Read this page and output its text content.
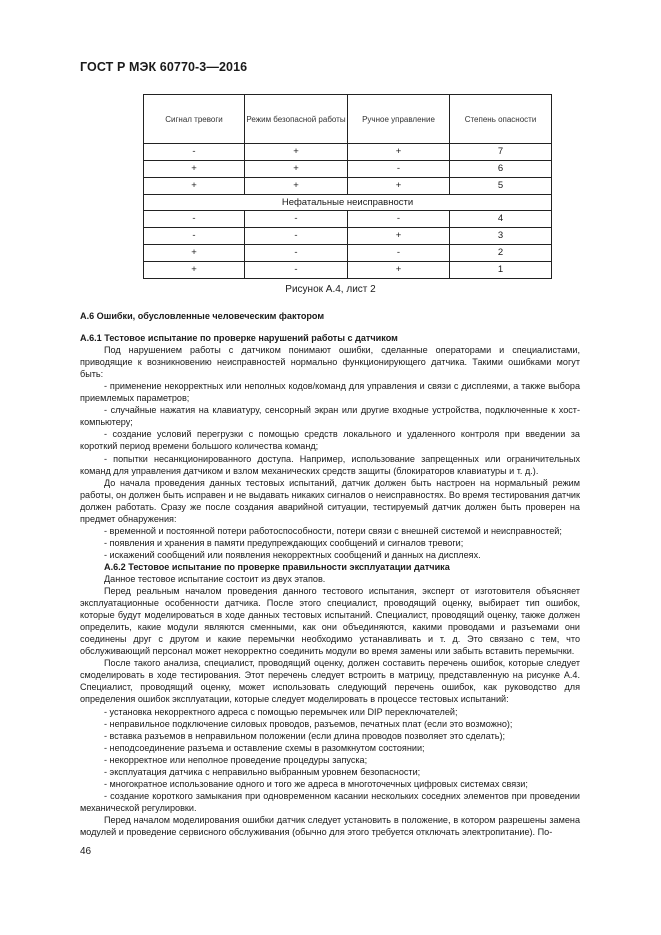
ГОСТ Р МЭК 60770-3—2016
Сигнал тревоги	Режим безопасной работы	Ручное управление	Степень опасности
-	+	+	7
+	+	-	6
+	+	+	5
Нефатальные неисправности			
-	-	-	4
-	-	+	3
+	-	-	2
+	-	+	1
Рисунок А.4, лист 2

А.6 Ошибки, обусловленные человеческим фактором

А.6.1 Тестовое испытание по проверке нарушений работы с датчиком

Под нарушением работы с датчиком понимают ошибки, сделанные операторами и специалистами, приводящие к возникновению неисправностей нормально функционирующего датчика. Такими ошибками могут быть:

- применение некорректных или неполных кодов/команд для управления и связи с дисплеями, а также выбора приемлемых параметров;

- случайные нажатия на клавиатуру, сенсорный экран или другие входные устройства, подключенные к хост-компьютеру;

- создание условий перегрузки с помощью средств локального и удаленного контроля при введении за короткий период времени большого количества команд;

- попытки несанкционированного доступа. Например, использование запрещенных или ограничительных команд для управления датчиком и взлом механических средств защиты (блокираторов клавиатуры и т. д.).

До начала проведения данных тестовых испытаний, датчик должен быть настроен на нормальный режим работы, он должен быть исправен и не выдавать никаких сигналов о неисправностях. Во время тестирования датчик должен работать. Сразу же после создания аварийной ситуации, тестируемый датчик должен быть проверен на предмет обнаружения:

- временной и постоянной потери работоспособности, потери связи с внешней системой и неисправностей;

- появления и хранения в памяти предупреждающих сообщений и сигналов тревоги;

- искажений сообщений или появления некорректных сообщений и данных на дисплеях.

А.6.2 Тестовое испытание по проверке правильности эксплуатации датчика

Данное тестовое испытание состоит из двух этапов.

Перед реальным началом проведения данного тестового испытания, эксперт от изготовителя объясняет эксплуатационные особенности датчика. После этого специалист, проводящий оценку, выбирает тип ошибок, которые будут моделироваться в ходе данных тестовых испытаний. Специалист, проводящий оценку, также должен определить, какие модули являются сменными, как они объединяются, какими проводами и разъемами они соединены друг с другом и какие перемычки необходимо устанавливать и т. д. Это связано с тем, что обслуживающий персонал может некорректно соединить модули во время замены или забыть вставить перемычки.

После такого анализа, специалист, проводящий оценку, должен составить перечень ошибок, которые следует смоделировать в ходе тестирования. Этот перечень следует встроить в матрицу, представленную на рисунке А.4. Специалист, проводящий оценку, может использовать следующий перечень ошибок, как руководство для определения ошибок эксплуатации, которые следует моделировать в процессе тестовых испытаний:

- установка некорректного адреса с помощью перемычек или DIP переключателей;

- неправильное подключение силовых проводов, разъемов, печатных плат (если это возможно);

- вставка разъемов в неправильном положении (если длина проводов позволяет это сделать);

- неподсоединение разъема и оставление схемы в разомкнутом состоянии;

- некорректное или неполное проведение процедуры запуска;

- эксплуатация датчика с неправильно выбранным уровнем безопасности;

- многократное использование одного и того же адреса в многоточечных цифровых системах связи;

- создание короткого замыкания при одновременном касании нескольких соседних элементов при проведении механической регулировки.

Перед началом моделирования ошибки датчик следует установить в положение, в котором разрешены замена модулей и проведение сервисного обслуживания (обычно для этого требуется отключать электропитание). По-

46
